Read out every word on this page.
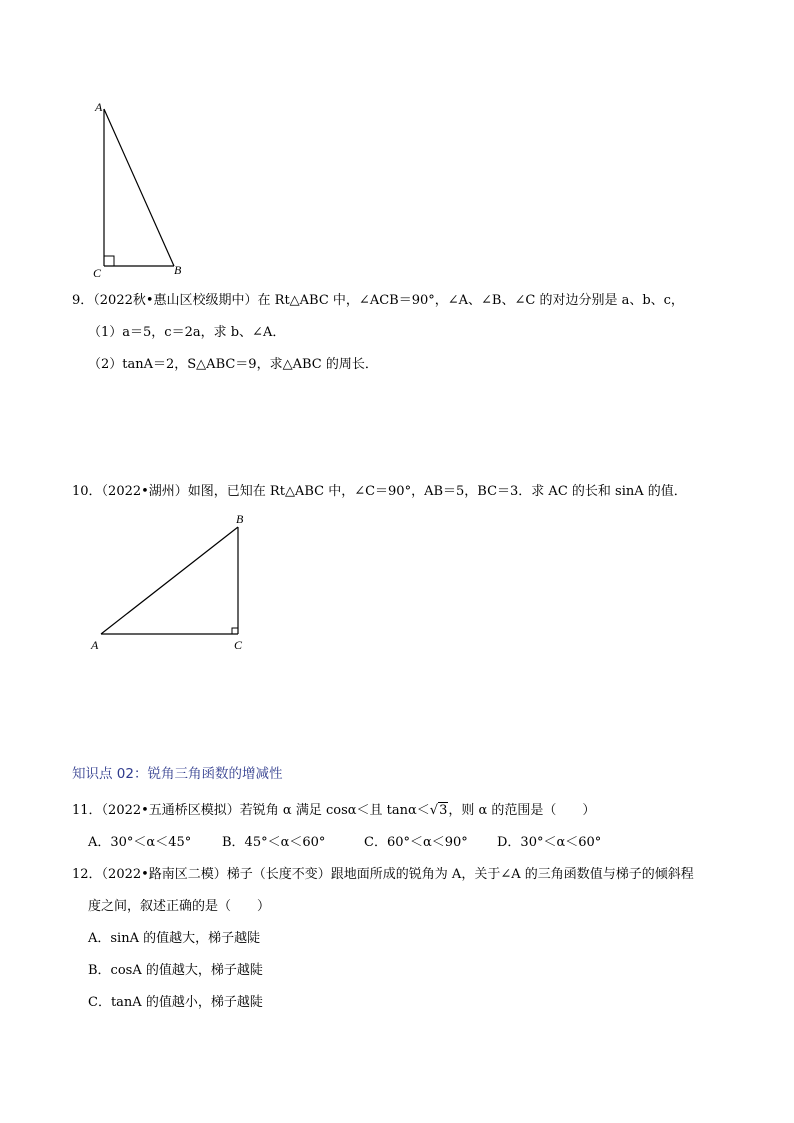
A
C	B
9．（2022秋•惠山区校级期中）在 Rt△ABC 中，∠ACB＝90°，∠A、∠B、∠C 的对边分别是 a、b、c，
（1）a＝5，c＝2a，求 b、∠A．
（2）tanA＝2，S△ABC＝9，求△ABC 的周长．
10．（2022•湖州）如图，已知在 Rt△ABC 中，∠C＝90°，AB＝5，BC＝3．求 AC 的长和 sinA 的值．
B
A	C
知识点 02：锐角三角函数的增减性
11．（2022•五通桥区模拟）若锐角 α 满足 cosα＜且 tanα＜√3，则 α 的范围是（　　）
A．30°＜α＜45° B．45°＜α＜60°	C．60°＜α＜90° D．30°＜α＜60°
12．（2022•路南区二模）梯子（长度不变）跟地面所成的锐角为 A，关于∠A 的三角函数值与梯子的倾斜程
度之间，叙述正确的是（　　）
A．sinA 的值越大，梯子越陡
B．cosA 的值越大，梯子越陡
C．tanA 的值越小，梯子越陡
